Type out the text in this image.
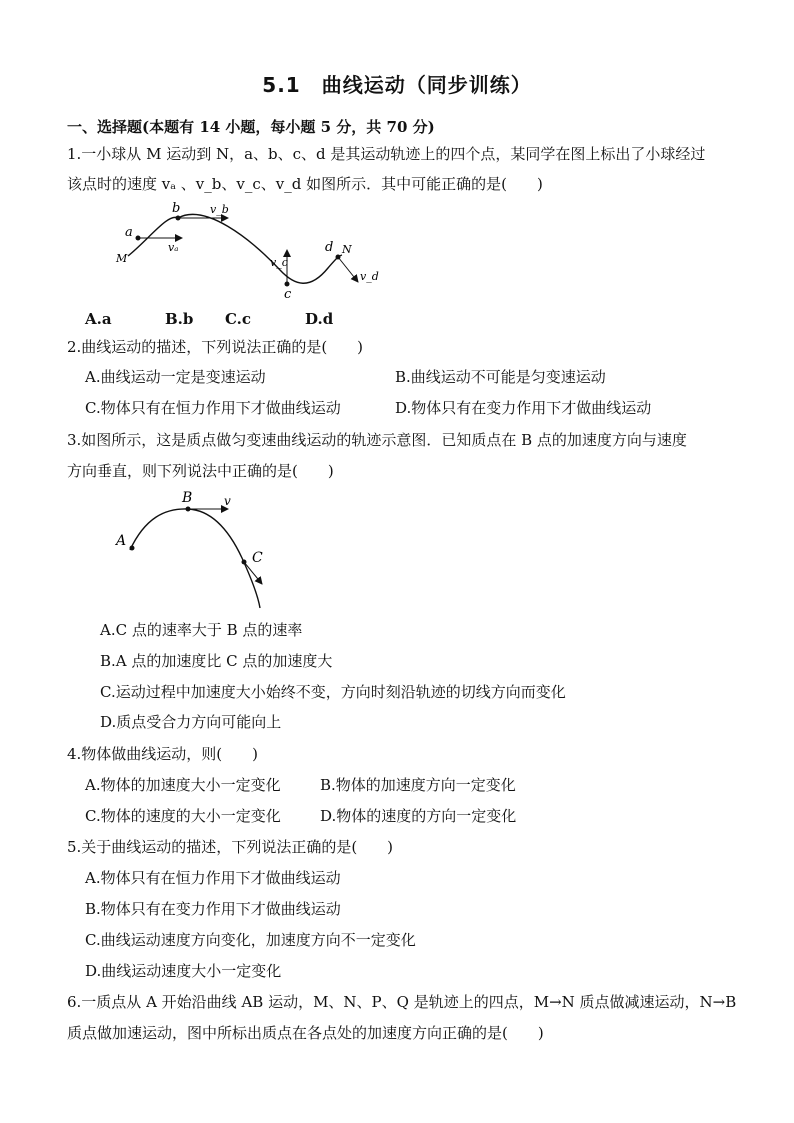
5.1　曲线运动（同步训练）
一、选择题(本题有 14 小题，每小题 5 分，共 70 分)
1.一小球从 M 运动到 N，a、b、c、d 是其运动轨迹上的四个点，某同学在图上标出了小球经过
该点时的速度 vₐ 、v_b、v_c、v_d 如图所示．其中可能正确的是(　　)
a
M
b
vₐ
v_b
v_c
c
d N
v_d
A.a	B.b C.c	D.d
2.曲线运动的描述，下列说法正确的是(　　)
A.曲线运动一定是变速运动	B.曲线运动不可能是匀变速运动
C.物体只有在恒力作用下才做曲线运动	D.物体只有在变力作用下才做曲线运动
3.如图所示，这是质点做匀变速曲线运动的轨迹示意图．已知质点在 B 点的加速度方向与速度
方向垂直，则下列说法中正确的是(　　)
A
B	v
C
A.C 点的速率大于 B 点的速率
B.A 点的加速度比 C 点的加速度大
C.运动过程中加速度大小始终不变，方向时刻沿轨迹的切线方向而变化
D.质点受合力方向可能向上
4.物体做曲线运动，则(　　)
A.物体的加速度大小一定变化	B.物体的加速度方向一定变化
C.物体的速度的大小一定变化	D.物体的速度的方向一定变化
5.关于曲线运动的描述，下列说法正确的是(　　)
A.物体只有在恒力作用下才做曲线运动
B.物体只有在变力作用下才做曲线运动
C.曲线运动速度方向变化，加速度方向不一定变化
D.曲线运动速度大小一定变化
6.一质点从 A 开始沿曲线 AB 运动，M、N、P、Q 是轨迹上的四点，M→N 质点做减速运动，N→B
质点做加速运动，图中所标出质点在各点处的加速度方向正确的是(　　)
